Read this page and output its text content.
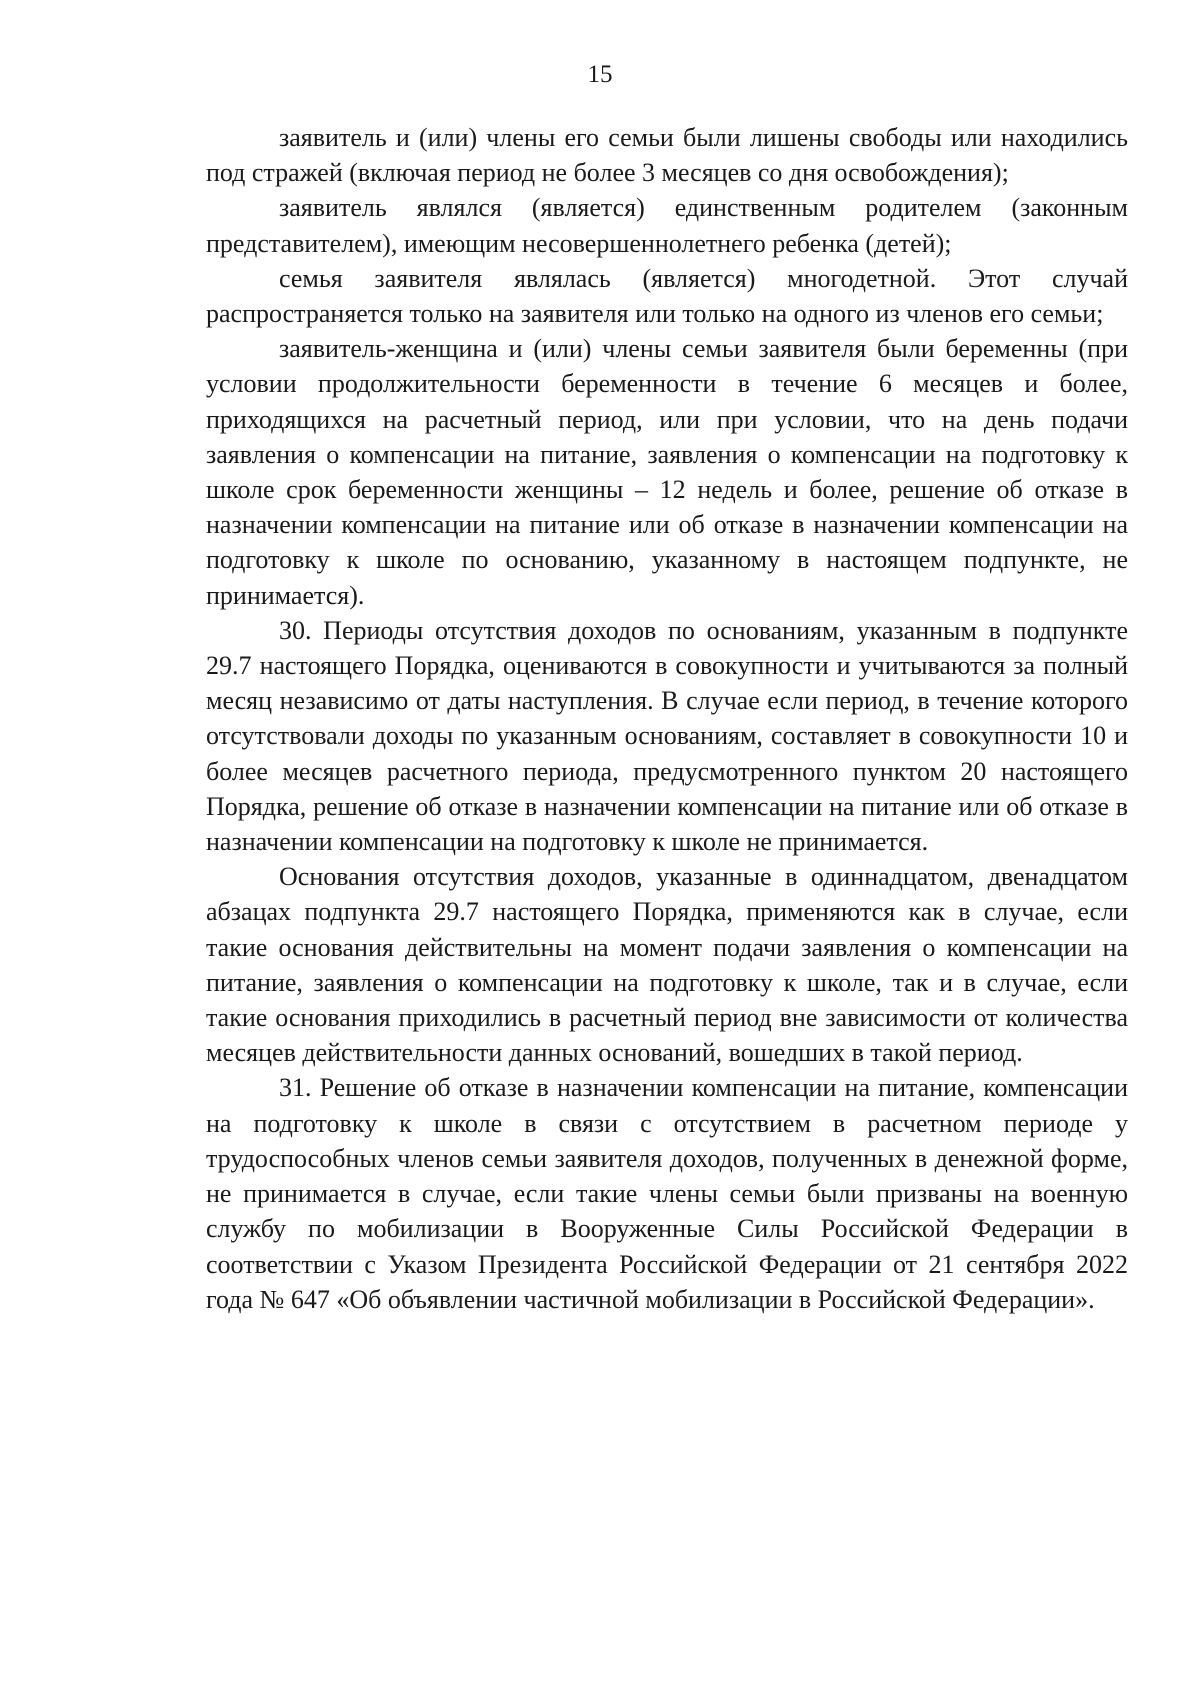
15

заявитель и (или) члены его семьи были лишены свободы или находились под стражей (включая период не более 3 месяцев со дня освобождения);

заявитель являлся (является) единственным родителем (законным представителем), имеющим несовершеннолетнего ребенка (детей);

семья заявителя являлась (является) многодетной. Этот случай распространяется только на заявителя или только на одного из членов его семьи;

заявитель-женщина и (или) члены семьи заявителя были беременны (при условии продолжительности беременности в течение 6 месяцев и более, приходящихся на расчетный период, или при условии, что на день подачи заявления о компенсации на питание, заявления о компенсации на подготовку к школе срок беременности женщины – 12 недель и более, решение об отказе в назначении компенсации на питание или об отказе в назначении компенсации на подготовку к школе по основанию, указанному в настоящем подпункте, не принимается).

30. Периоды отсутствия доходов по основаниям, указанным в подпункте 29.7 настоящего Порядка, оцениваются в совокупности и учитываются за полный месяц независимо от даты наступления. В случае если период, в течение которого отсутствовали доходы по указанным основаниям, составляет в совокупности 10 и более месяцев расчетного периода, предусмотренного пунктом 20 настоящего Порядка, решение об отказе в назначении компенсации на питание или об отказе в назначении компенсации на подготовку к школе не принимается.

Основания отсутствия доходов, указанные в одиннадцатом, двенадцатом абзацах подпункта 29.7 настоящего Порядка, применяются как в случае, если такие основания действительны на момент подачи заявления о компенсации на питание, заявления о компенсации на подготовку к школе, так и в случае, если такие основания приходились в расчетный период вне зависимости от количества месяцев действительности данных оснований, вошедших в такой период.

31. Решение об отказе в назначении компенсации на питание, компенсации на подготовку к школе в связи с отсутствием в расчетном периоде у трудоспособных членов семьи заявителя доходов, полученных в денежной форме, не принимается в случае, если такие члены семьи были призваны на военную службу по мобилизации в Вооруженные Силы Российской Федерации в соответствии с Указом Президента Российской Федерации от 21 сентября 2022 года № 647 «Об объявлении частичной мобилизации в Российской Федерации».
